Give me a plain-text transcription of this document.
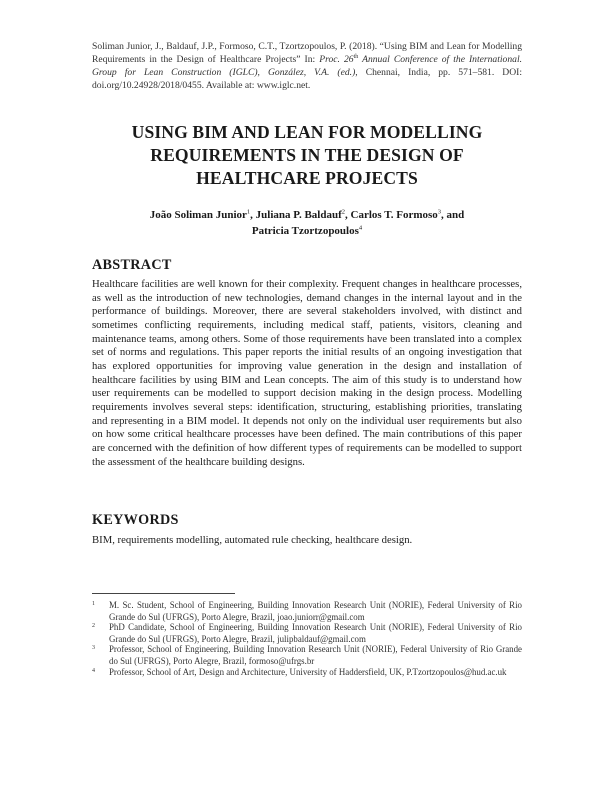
Soliman Junior, J., Baldauf, J.P., Formoso, C.T., Tzortzopoulos, P. (2018). “Using BIM and Lean for Modelling Requirements in the Design of Healthcare Projects” In: Proc. 26th Annual Conference of the International. Group for Lean Construction (IGLC), González, V.A. (ed.), Chennai, India, pp. 571–581. DOI: doi.org/10.24928/2018/0455. Available at: www.iglc.net.
USING BIM AND LEAN FOR MODELLING
REQUIREMENTS IN THE DESIGN OF
HEALTHCARE PROJECTS
João Soliman Junior$^1$, Juliana P. Baldauf$^2$, Carlos T. Formoso$^3$, and
Patricia Tzortzopoulos$^4$
ABSTRACT
Healthcare facilities are well known for their complexity. Frequent changes in healthcare processes, as well as the introduction of new technologies, demand changes in the internal layout and in the performance of buildings. Moreover, there are several stakeholders involved, with distinct and sometimes conflicting requirements, including medical staff, patients, visitors, cleaning and maintenance teams, among others. Some of those requirements have been translated into a complex set of norms and regulations. This paper reports the initial results of an ongoing investigation that has explored opportunities for improving value generation in the design and installation of healthcare facilities by using BIM and Lean concepts. The aim of this study is to understand how user requirements can be modelled to support decision making in the design process. Modelling requirements involves several steps: identification, structuring, establishing priorities, translating and representing in a BIM model. It depends not only on the individual user requirements but also on how some critical healthcare processes have been defined. The main contributions of this paper are concerned with the definition of how different types of requirements can be modelled to support the assessment of the healthcare building designs.
KEYWORDS
BIM, requirements modelling, automated rule checking, healthcare design.
1 M. Sc. Student, School of Engineering, Building Innovation Research Unit (NORIE), Federal University of Rio Grande do Sul (UFRGS), Porto Alegre, Brazil, joao.juniorr@gmail.com
2 PhD Candidate, School of Engineering, Building Innovation Research Unit (NORIE), Federal University of Rio Grande do Sul (UFRGS), Porto Alegre, Brazil, julipbaldauf@gmail.com
3 Professor, School of Engineering, Building Innovation Research Unit (NORIE), Federal University of Rio Grande do Sul (UFRGS), Porto Alegre, Brazil, formoso@ufrgs.br
4 Professor, School of Art, Design and Architecture, University of Haddersfield, UK, P.Tzortzopoulos@hud.ac.uk
